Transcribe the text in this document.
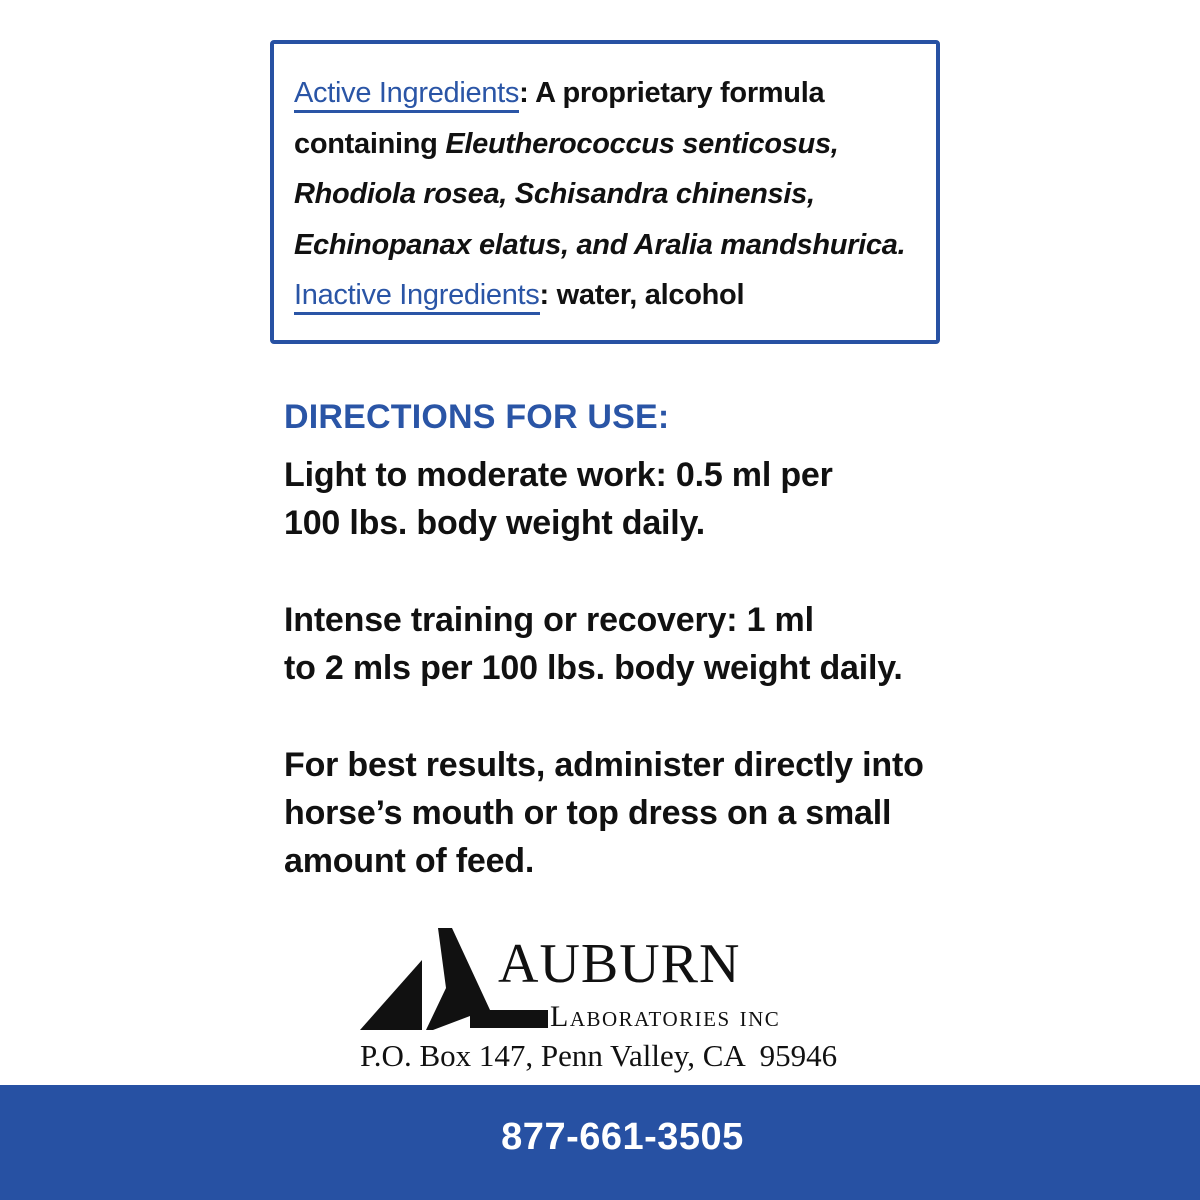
Active Ingredients: A proprietary formula
containing Eleutherococcus senticosus,
Rhodiola rosea, Schisandra chinensis,
Echinopanax elatus, and Aralia mandshurica.
Inactive Ingredients: water, alcohol
DIRECTIONS FOR USE:
Light to moderate work: 0.5 ml per
100 lbs. body weight daily.
Intense training or recovery: 1 ml
to 2 mls per 100 lbs. body weight daily.
For best results, administer directly into
horse’s mouth or top dress on a small
amount of feed.
AUBURN
Laboratories inc
P.O. Box 147, Penn Valley, CA  95946
877-661-3505
